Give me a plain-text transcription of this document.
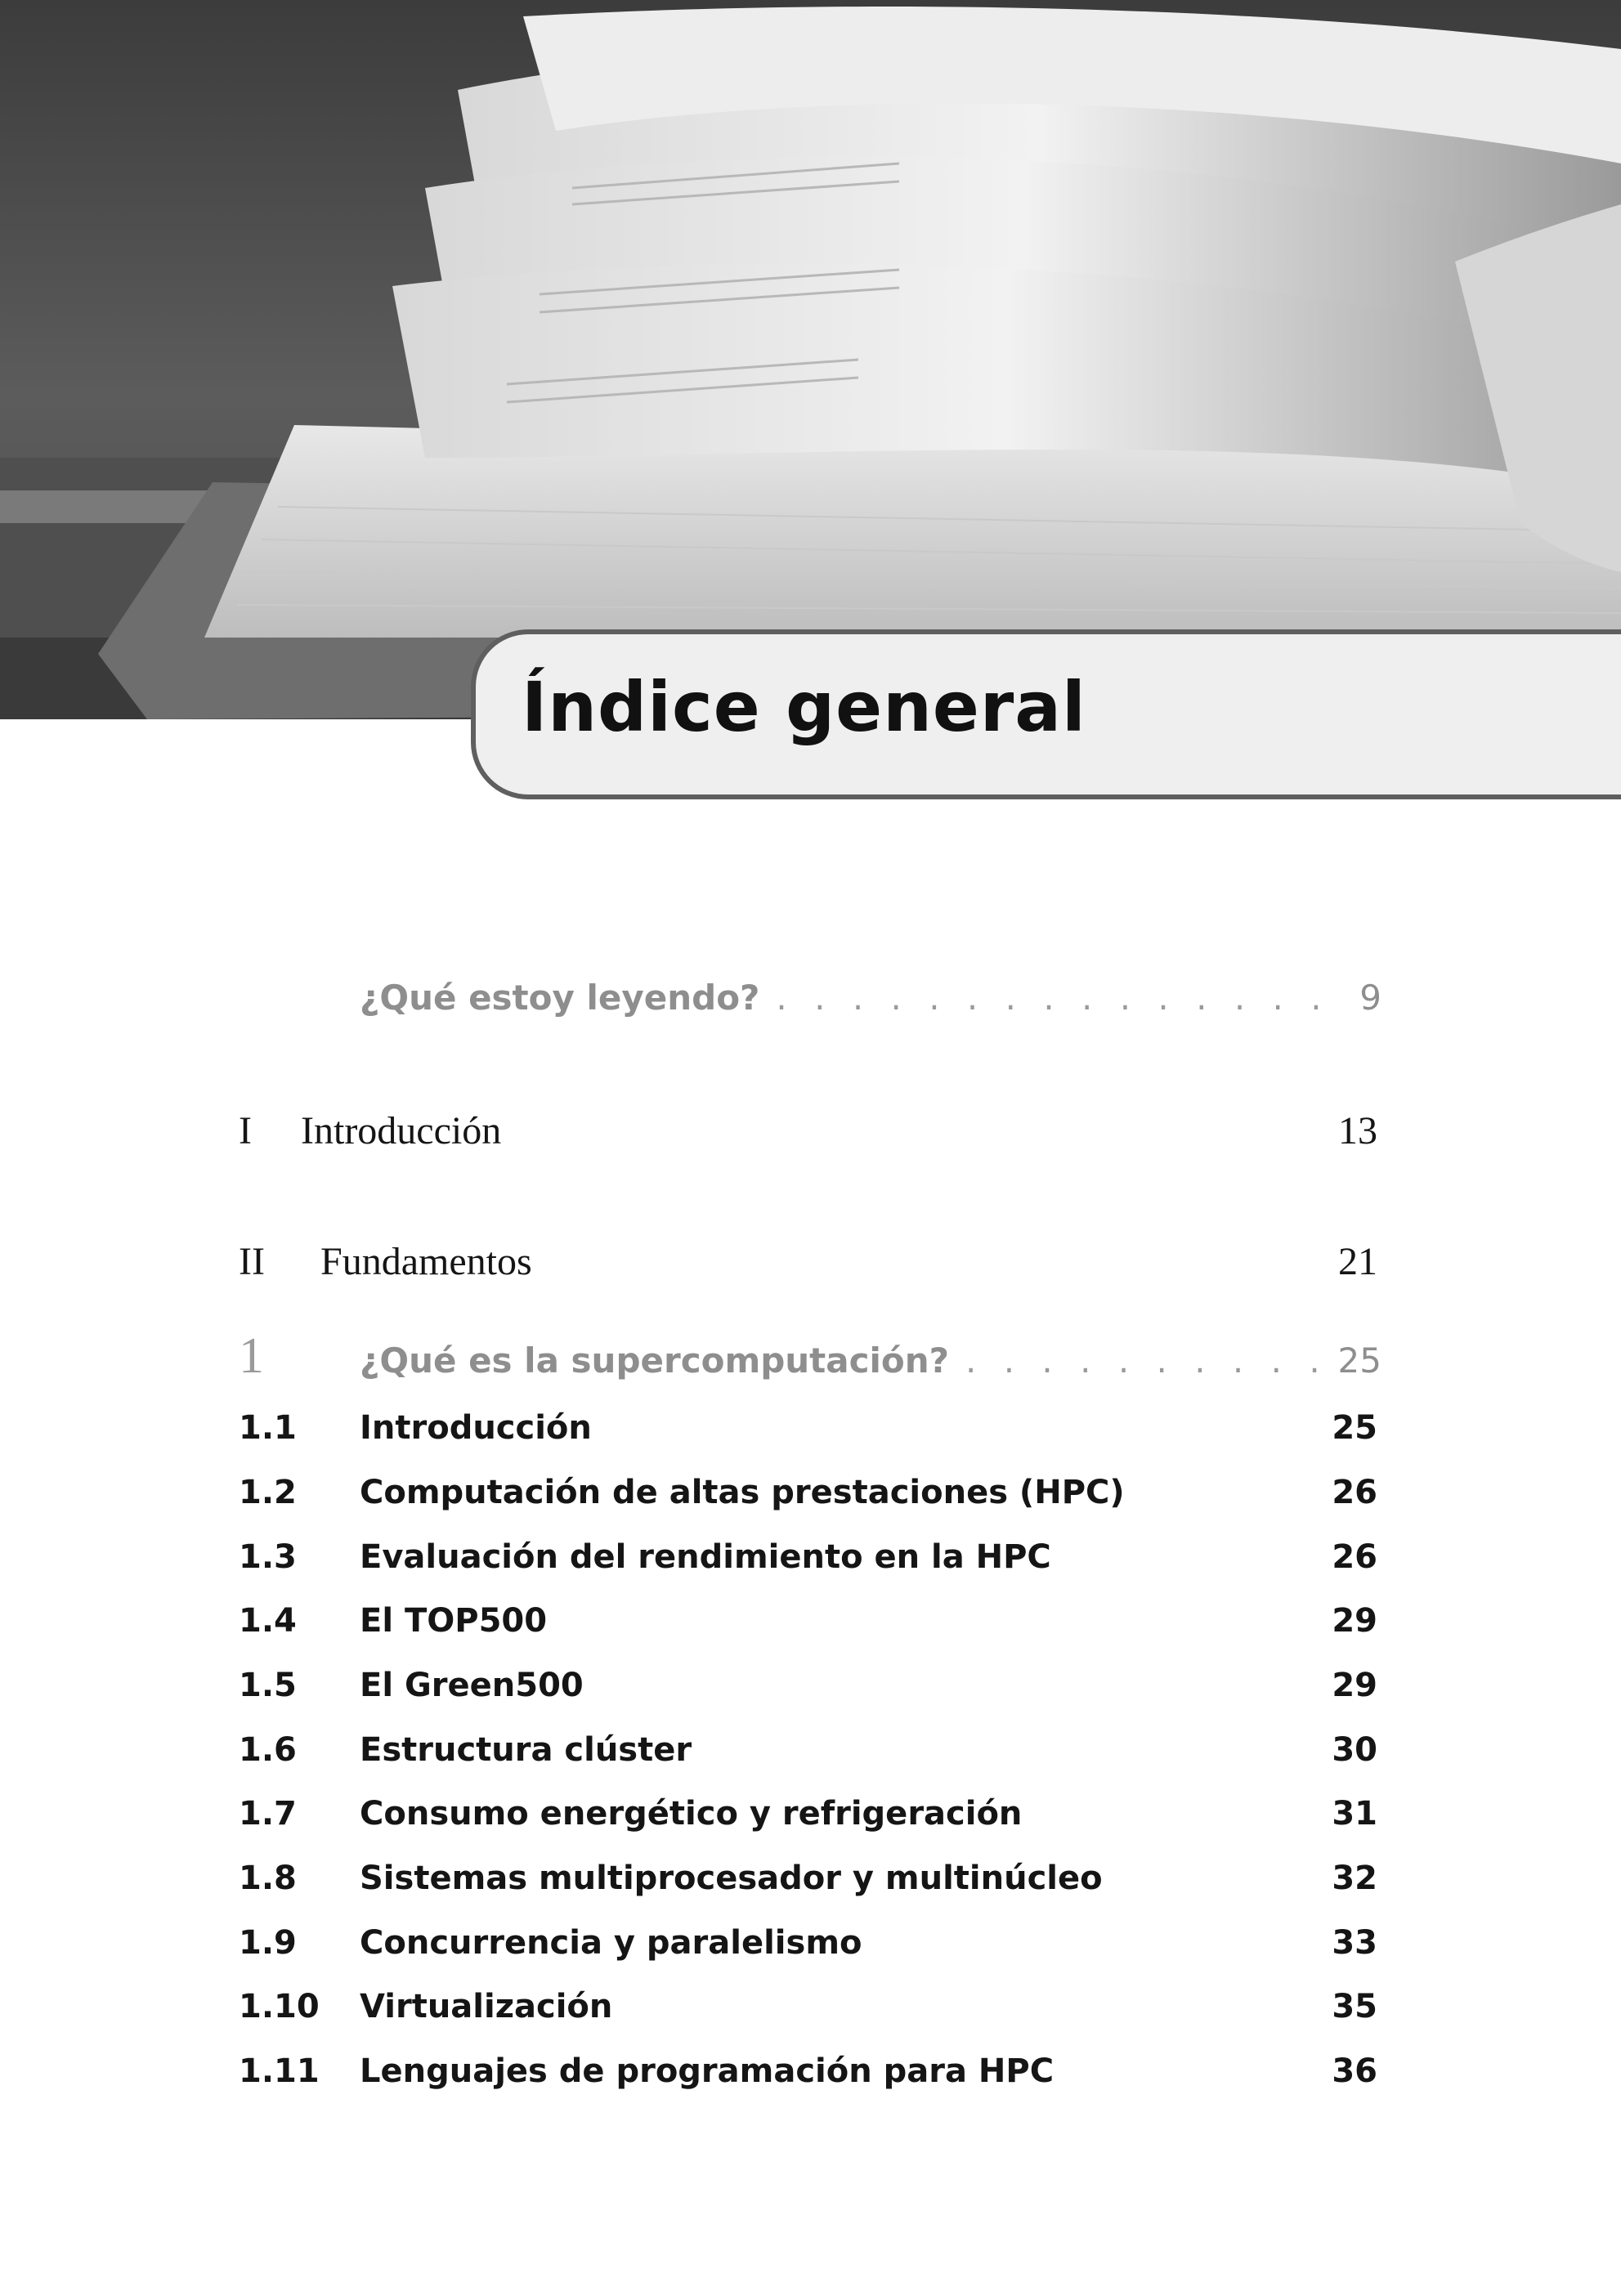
Índice general
¿Qué estoy leyendo? . . .	9
I Introducción	13
II Fundamentos	21
1	¿Qué es la supercomputación? . . .	25
1.1 Introducción	25
1.2 Computación de altas prestaciones (HPC)	26
1.3 Evaluación del rendimiento en la HPC	26
1.4 El TOP500	29
1.5 El Green500	29
1.6 Estructura clúster	30
1.7 Consumo energético y refrigeración	31
1.8 Sistemas multiprocesador y multinúcleo	32
1.9 Concurrencia y paralelismo	33
1.10 Virtualización	35
1.11 Lenguajes de programación para HPC	36
